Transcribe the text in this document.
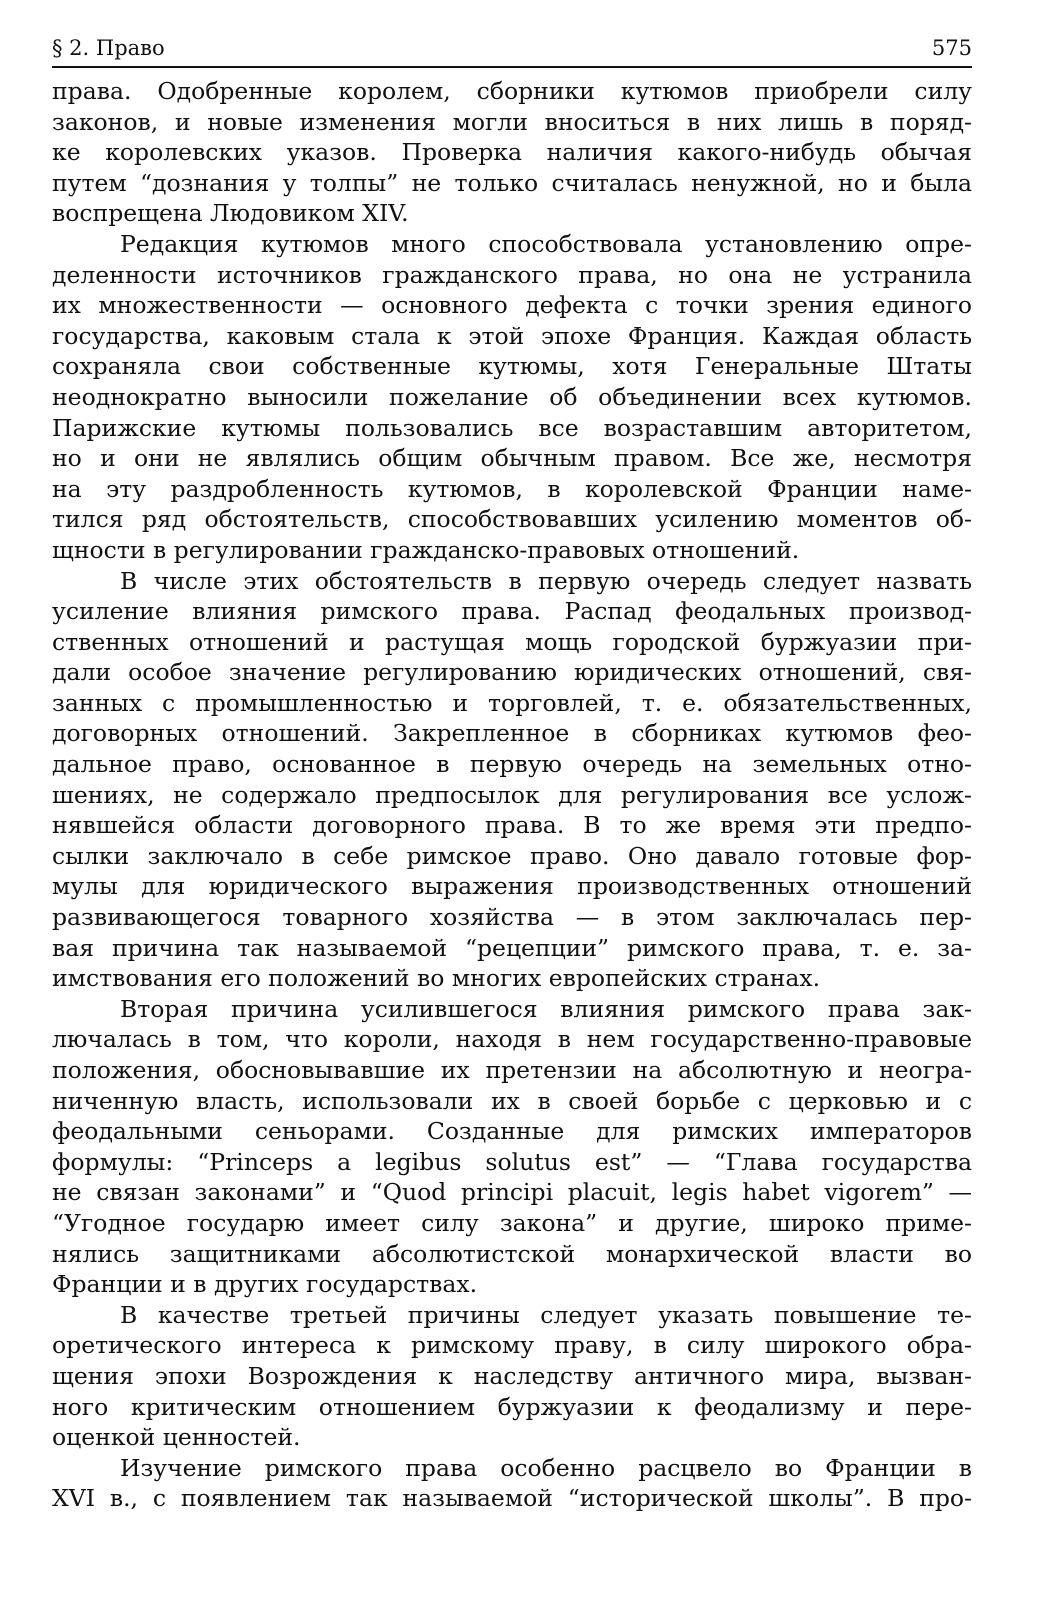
§ 2. Право	575

права. Одобренные королем, сборники кутюмов приобрели силу
законов, и новые изменения могли вноситься в них лишь в поряд-
ке королевских указов. Проверка наличия какого-нибудь обычая
путем “дознания у толпы” не только считалась ненужной, но и была
воспрещена Людовиком XIV.

Редакция кутюмов много способствовала установлению опре-
деленности источников гражданского права, но она не устранила
их множественности — основного дефекта с точки зрения единого
государства, каковым стала к этой эпохе Франция. Каждая область
сохраняла свои собственные кутюмы, хотя Генеральные Штаты
неоднократно выносили пожелание об объединении всех кутюмов.
Парижские кутюмы пользовались все возраставшим авторитетом,
но и они не являлись общим обычным правом. Все же, несмотря
на эту раздробленность кутюмов, в королевской Франции наме-
тился ряд обстоятельств, способствовавших усилению моментов об-
щности в регулировании гражданско-правовых отношений.

В числе этих обстоятельств в первую очередь следует назвать
усиление влияния римского права. Распад феодальных производ-
ственных отношений и растущая мощь городской буржуазии при-
дали особое значение регулированию юридических отношений, свя-
занных с промышленностью и торговлей, т. е. обязательственных,
договорных отношений. Закрепленное в сборниках кутюмов фео-
дальное право, основанное в первую очередь на земельных отно-
шениях, не содержало предпосылок для регулирования все услож-
нявшейся области договорного права. В то же время эти предпо-
сылки заключало в себе римское право. Оно давало готовые фор-
мулы для юридического выражения производственных отношений
развивающегося товарного хозяйства — в этом заключалась пер-
вая причина так называемой “рецепции” римского права, т. е. за-
имствования его положений во многих европейских странах.

Вторая причина усилившегося влияния римского права зак-
лючалась в том, что короли, находя в нем государственно-правовые
положения, обосновывавшие их претензии на абсолютную и неогра-
ниченную власть, использовали их в своей борьбе с церковью и с
феодальными сеньорами. Созданные для римских императоров
формулы: “Princeps a legibus solutus est” — “Глава государства
не связан законами” и “Quod principi placuit, legis habet vigorem” —
“Угодное государю имеет силу закона” и другие, широко приме-
нялись защитниками абсолютистской монархической власти во
Франции и в других государствах.

В качестве третьей причины следует указать повышение те-
оретического интереса к римскому праву, в силу широкого обра-
щения эпохи Возрождения к наследству античного мира, вызван-
ного критическим отношением буржуазии к феодализму и пере-
оценкой ценностей.

Изучение римского права особенно расцвело во Франции в
XVI в., с появлением так называемой “исторической школы”. В про-
